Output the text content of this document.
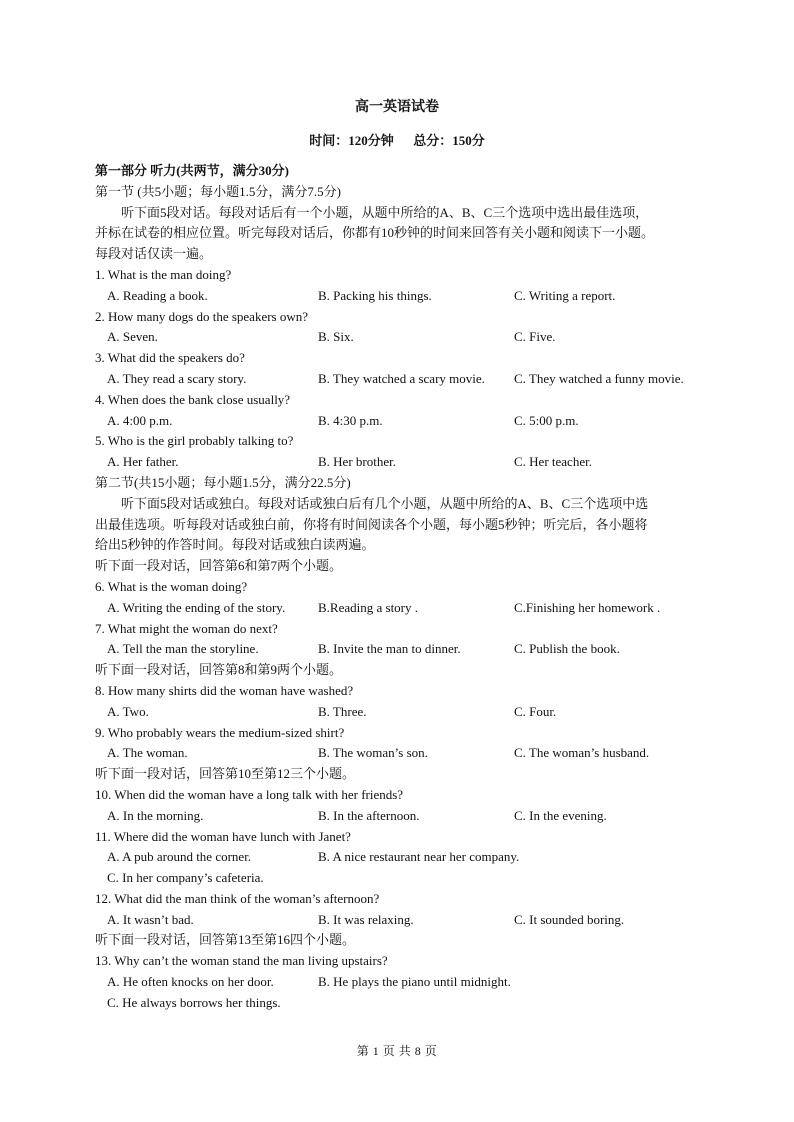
高一英语试卷
时间：120分钟      总分：150分
第一部分 听力(共两节，满分30分)
第一节 (共5小题；每小题1.5分，满分7.5分)
听下面5段对话。每段对话后有一个小题，从题中所给的A、B、C三个选项中选出最佳选项，
并标在试卷的相应位置。听完每段对话后，你都有10秒钟的时间来回答有关小题和阅读下一小题。
每段对话仅读一遍。
1. What is the man doing?
A. Reading a book.	B. Packing his things.	C. Writing a report.
2. How many dogs do the speakers own?
A. Seven.	B. Six.	C. Five.
3. What did the speakers do?
A. They read a scary story.	B. They watched a scary movie. C. They watched a funny movie.
4. When does the bank close usually?
A. 4:00 p.m.	B. 4:30 p.m.	C. 5:00 p.m.
5. Who is the girl probably talking to?
A. Her father.	B. Her brother.	C. Her teacher.
第二节(共15小题；每小题1.5分，满分22.5分)
听下面5段对话或独白。每段对话或独白后有几个小题，从题中所给的A、B、C三个选项中选
出最佳选项。听每段对话或独白前，你将有时间阅读各个小题，每小题5秒钟；听完后，各小题将
给出5秒钟的作答时间。每段对话或独白读两遍。
听下面一段对话，回答第6和第7两个小题。
6. What is the woman doing?
A. Writing the ending of the story.	B.Reading a story .	C.Finishing her homework .
7. What might the woman do next?
A. Tell the man the storyline.	B. Invite the man to dinner.	C. Publish the book.
听下面一段对话，回答第8和第9两个小题。
8. How many shirts did the woman have washed?
A. Two.	B. Three.	C. Four.
9. Who probably wears the medium-sized shirt?
A. The woman.	B. The woman’s son.	C. The woman’s husband.
听下面一段对话，回答第10至第12三个小题。
10. When did the woman have a long talk with her friends?
A. In the morning.	B. In the afternoon.	C. In the evening.
11. Where did the woman have lunch with Janet?
A. A pub around the corner.	B. A nice restaurant near her company.
C. In her company’s cafeteria.
12. What did the man think of the woman’s afternoon?
A. It wasn’t bad.	B. It was relaxing.	C. It sounded boring.
听下面一段对话，回答第13至第16四个小题。
13. Why can’t the woman stand the man living upstairs?
A. He often knocks on her door.	B. He plays the piano until midnight.
C. He always borrows her things.
第 1 页 共 8 页
